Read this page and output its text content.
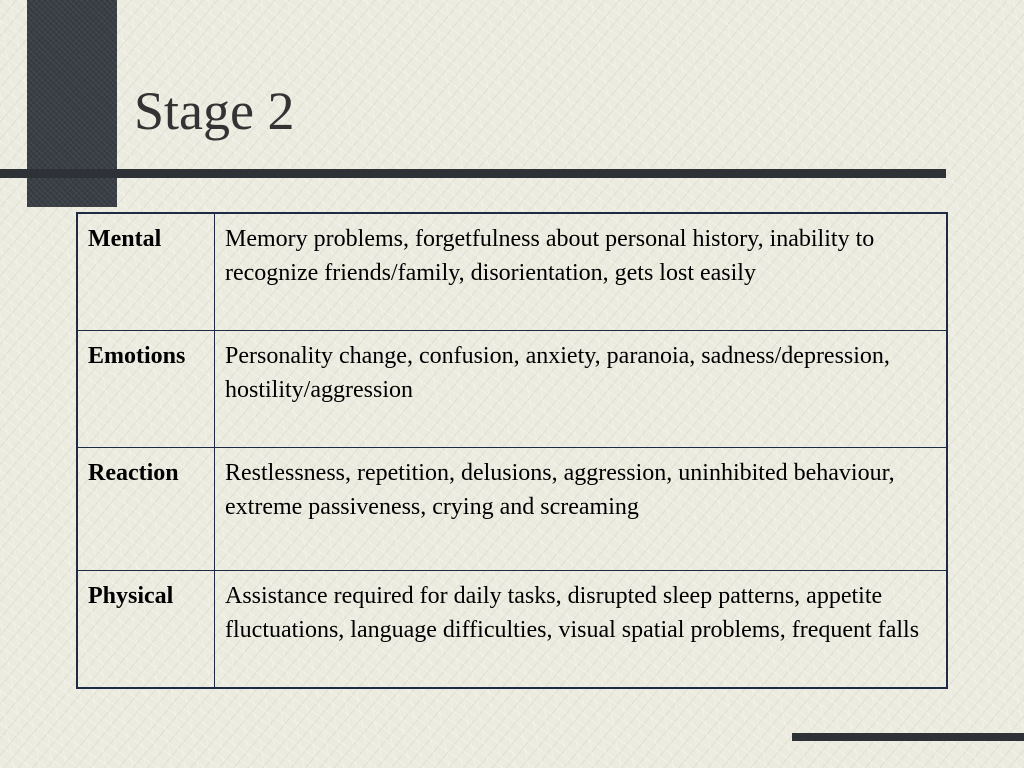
Stage 2
Mental	Memory problems, forgetfulness about personal history, inability to recognize friends/family, disorientation, gets lost easily
Emotions	Personality change, confusion, anxiety, paranoia, sadness/depression, hostility/aggression
Reaction	Restlessness, repetition, delusions, aggression, uninhibited behaviour, extreme passiveness, crying and screaming
Physical	Assistance required for daily tasks, disrupted sleep patterns, appetite fluctuations, language difficulties, visual spatial problems, frequent falls
